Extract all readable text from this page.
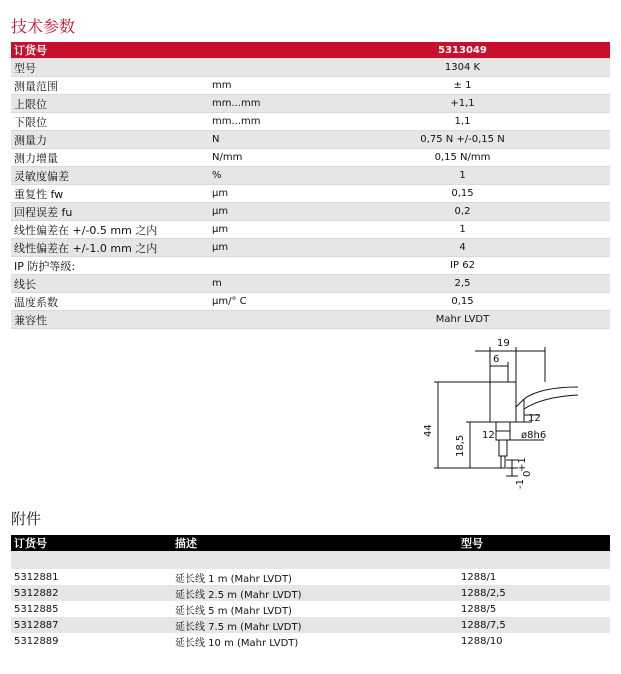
技术参数
订货号		5313049
型号		1304 K
测量范围	mm	± 1
上限位	mm...mm	+1,1
下限位	mm...mm	1,1
测量力	N	0,75 N +/-0,15 N
测力增量	N/mm	0,15 N/mm
灵敏度偏差	%	1
重复性 fw	µm	0,15
回程误差 fu	µm	0,2
线性偏差在 +/-0.5 mm 之内	µm	1
线性偏差在 +/-1.0 mm 之内	µm	4
IP 防护等级:		IP 62
线长	m	2,5
温度系数	µm/° C	0,15
兼容性		Mahr LVDT
19
6
44
18,5 12
12
ø8h6
+1
0
-1
附件
订货号	描述	型号

5312881	延长线 1 m (Mahr LVDT)	1288/1
5312882	延长线 2.5 m (Mahr LVDT)	1288/2,5
5312885	延长线 5 m (Mahr LVDT)	1288/5
5312887	延长线 7.5 m (Mahr LVDT)	1288/7,5
5312889	延长线 10 m (Mahr LVDT)	1288/10
